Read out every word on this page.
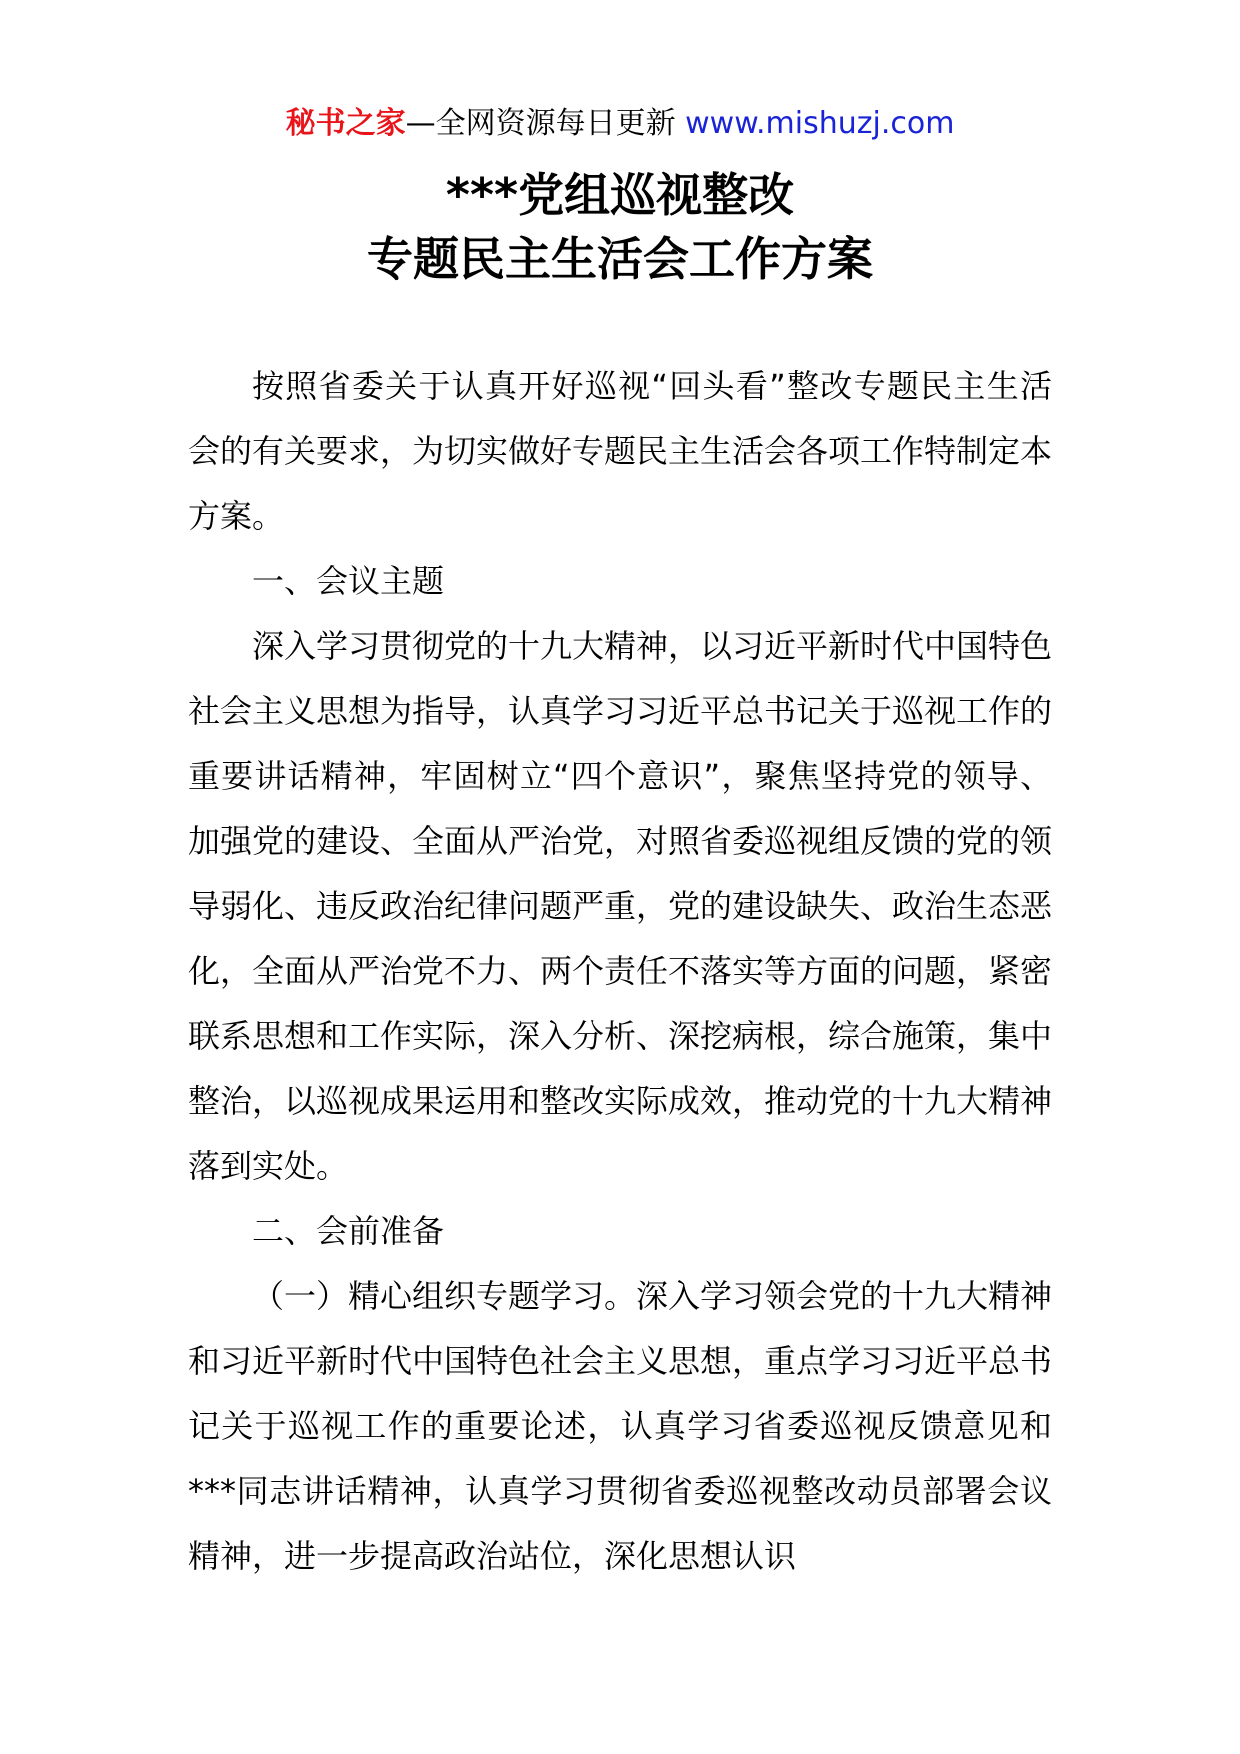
秘书之家—全网资源每日更新 www.mishuzj.com
***党组巡视整改
专题民主生活会工作方案

按照省委关于认真开好巡视“回头看”整改专题民主生活会的有关要求，为切实做好专题民主生活会各项工作特制定本方案。

一、会议主题

深入学习贯彻党的十九大精神，以习近平新时代中国特色社会主义思想为指导，认真学习习近平总书记关于巡视工作的重要讲话精神，牢固树立“四个意识”，聚焦坚持党的领导、加强党的建设、全面从严治党，对照省委巡视组反馈的党的领导弱化、违反政治纪律问题严重，党的建设缺失、政治生态恶化，全面从严治党不力、两个责任不落实等方面的问题，紧密联系思想和工作实际，深入分析、深挖病根，综合施策，集中整治，以巡视成果运用和整改实际成效，推动党的十九大精神落到实处。

二、会前准备

（一）精心组织专题学习。深入学习领会党的十九大精神和习近平新时代中国特色社会主义思想，重点学习习近平总书记关于巡视工作的重要论述，认真学习省委巡视反馈意见和***同志讲话精神，认真学习贯彻省委巡视整改动员部署会议精神，进一步提高政治站位，深化思想认识
